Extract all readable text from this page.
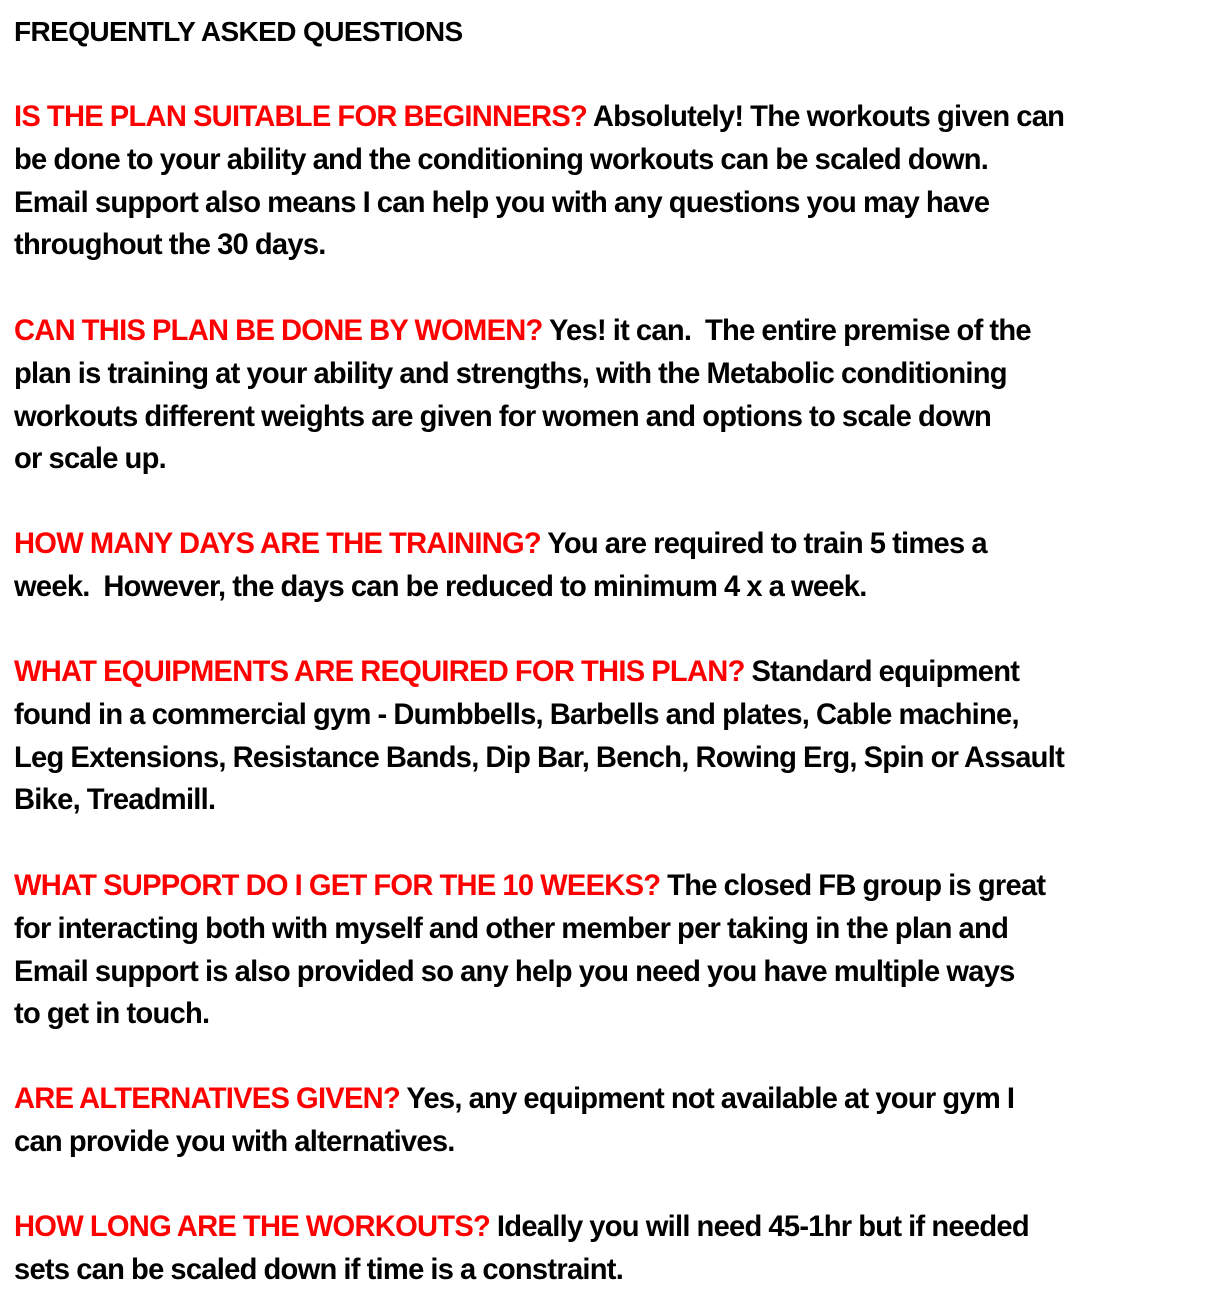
FREQUENTLY ASKED QUESTIONS
IS THE PLAN SUITABLE FOR BEGINNERS? Absolutely! The workouts given can
be done to your ability and the conditioning workouts can be scaled down.
Email support also means I can help you with any questions you may have
throughout the 30 days.
CAN THIS PLAN BE DONE BY WOMEN? Yes! it can.  The entire premise of the
plan is training at your ability and strengths, with the Metabolic conditioning
workouts different weights are given for women and options to scale down
or scale up.
HOW MANY DAYS ARE THE TRAINING? You are required to train 5 times a
week.  However, the days can be reduced to minimum 4 x a week.
WHAT EQUIPMENTS ARE REQUIRED FOR THIS PLAN? Standard equipment
found in a commercial gym - Dumbbells, Barbells and plates, Cable machine,
Leg Extensions, Resistance Bands, Dip Bar, Bench, Rowing Erg, Spin or Assault
Bike, Treadmill.
WHAT SUPPORT DO I GET FOR THE 10 WEEKS? The closed FB group is great
for interacting both with myself and other member per taking in the plan and
Email support is also provided so any help you need you have multiple ways
to get in touch.
ARE ALTERNATIVES GIVEN? Yes, any equipment not available at your gym I
can provide you with alternatives.
HOW LONG ARE THE WORKOUTS? Ideally you will need 45-1hr but if needed
sets can be scaled down if time is a constraint.
